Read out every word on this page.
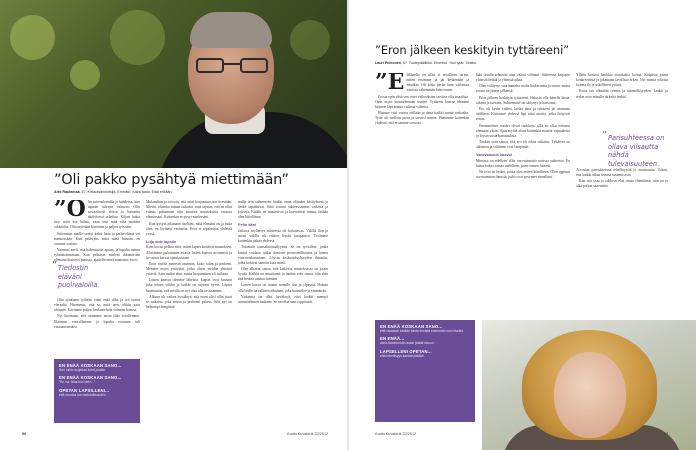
”Oli pakko pysähtyä miettimään”
Arto Rautamaa, 47. Kirkkoisännöitsijä. Emmiluf. Kaksi lasta. Elää erillään.
”O lin sairauslomalla ja kahdessa, kun tapasin tulevan vaimoni. Olin sosiaalisesti eloisa ja harrastin aktiivisesti urheilua. Kiljasi kaksi tiny, mitä itse halusi, vaan tein mitä siitä muiden odotettiin. Olin myöskin kiireinen ja paljon työssäni.

Sittemmin meille syntyi kaksi lasta ja perhe-elämä vei mennessään. Kun pelästyin, mitä minä halusin, en osannut vastata.

Vaimoni aneli, että hakeutuisin apuun, ja lopulta menin ryhmätoimintaan. Kun pelkäsin mieleni ikkunoistaa olemaan ikuisesti jumissa, ajattelin minä muutama vuosi.

” Tiedostin eläväni puolivaloilla.

Olin ajautunut työhöni etten enää ollut ja työ tuntui vieraalta. Huomasin, että se, mitä teen, olikin vain ohitusta. Kävimme paljon keskusteluita vaimoni kanssa.

Nyt huomaan, että osaamme antaa tilaa toisillemme. Eläimme vuorollamme ja lopulta eromme tuli vastaanotetuksi.

EN ENÄÄ KOSKAAN SANO...

Sen mihin kuljettaa kohti jotakin.

EN ENÄÄ KOSKAAN SANO...

”En voi. Aina kun teen...”

OPETAN LAPSILLENI...

että muutos tuo mahdollisuuden.

Mukauduin ja toivoin, että asiat korjaantuisivat itsestään. Mietin, olisinko minun ratkaisu, mitä tajusin, että en ollut valmis puhumaan niin suurista muutoksista omassa elämässäni. Kuitenkin se pysyi mielessäni.

Kun kysyin aikanaan itseltäni, mitä elämäni on ja kuka olen, en löytänyt vastausta. Eroa ei tapahtunut yhdessä yössä.

Luja side lapsiin

Koin kovaa pelkoa siitä, miten lapset kestävät muutoksen. Aloitimme puhumaan asiasta lasten kanssa avoimesti ja he saivat kertoa ajatuksistaan.

Eron myötä menetin asunnon, koko talon ja perheen. Menetin myös ystäviäni, jotka olivat meidän yhteisiä ystäviä. Sain uuden alun, mutta luopuminen oli vaikeaa.

Lasten kanssa olemme läheisiä. Lapset ovat luonani joka toinen viikko ja kaikki on sujunut hyvin. Lapset huomaavat, että meillä on nyt tilaa olla tosissamme.

Alkuun oli vaikea hyväksyä, että eroni olisi ollut juuri se ratkaisu, joka minut ja perheeni pelasti. Silti nyt on helpompi hengittää.

malla tein suhteeseen kaikki omat elämäni käsitykseni ja tiedot tapahtuvat. Siitä seurasi suhteessamme vaikeita ja kriisejä. Kaikki ne muuttuivat ja kasvattivat minua, tänään olen kiitollinen.

Pelin ääni

Jatkuva myllerrys suhteessa oli kuluttavaa. Välillä ilon ja surun välillä oli vaikea löytää tasapainoa. Yritimme kuitenkin jatkaa yhdessä.

Tutustuin transaktioanalyysiin. Se on työväline, jonka kautta voidaan tutkia ihmisen persoonallisuutta ja hänen vuorovaikutustaan. Löysin keskusteluyhteyden ihmisiin, jotka kokivat samoin kuin minä.

Olen alkanut sanoa, että kaikessa muutoksessa on jotain hyvää. Kaikki on muuttunut ja tänään voin sanoa, että elän tätä hetkeä omana itsenäni.

Lasten kasvu on tuonut minulle iloa ja ylpeyttä. Haluan olla heille turvallinen aikuinen, joka kuuntelee ja ymmärtää.

Vaikeinta on ollut hyväksyä, ettei kaikki mennyt suunnitelmien mukaan. Se on ollut suuri oppitunti.

96	Kodin Kuvalehti 22/2012
”Eron jälkeen keskityin tyttäreeni”
Lauri Peinonen, 67. Tuotepäällikkö. Emmiluf. Yksi tytär. Sinkku.
”E läkkeelle en sillut ei tavallinen tarina, miten eroimme ja jäi keskenään ja minäkin. Oli koko perhe kuin vaikeissa asioissa vähemmän kuin ennen.

Erosta opin eksä sen, ettei vaikeuksien tarvitse olla totaalista. Opin myös kuuntelemaan itseäni. Tyttäreni kanssa olemme käyneet läpi monta vaikeaa vaihetta.

Elimme viisi vuotta erillään ja tämä kaikki tuntui raskaalta. Tytär oli tuolloin pieni ja tarvitsi minua. Päätimme kuitenkin yhdessä, että eroamme sovussa.

EN ENÄÄ KOSKAAN SANO...

että rakastan ketään toista ihmistä enemmän kuin itseäni.

EN ENÄÄ...

anna tärkeimmän asian jäädä sivuun.

LAPSELLENI OPETAN...

että rehellisyys kantaa pitkälle.

lään tavalla tehneeni aina väärät valinnat. Suhteessa kaipasin yhteisiä hetkiä ja yhteistä aikaa.

Olen välttynyt suurimmalta osalta katkeruutta ja surua, mutta erosta on jäänyt jälkensä.

Eron jälkeen keskityin tyttäreeni. Halusin olla hänelle läsnä, tukena ja turvana. Suhteemme on säilynyt ja kasvanut.

Ero oli hyvin vaikea, koska jätin ja tyttäreni jäi asumaan äidilleen. Kävimme yhdessä läpi niitä asioita, jotka liittyivät eroon.

Ensimmäiset vuodet olivat rankkoja, sillä en ollut tottunut olemaan yksin. Ajan myötä aloin kuitenkin nauttia vapaudesta ja löysin uusia harrastuksia.

Tänään voin sanoa, että ero oli oikea ratkaisu. Tyttäreni on aikuinen ja välimme ovat lämpimät.

Varovaisuus kasvoi

Minussa on edelleen ollut varovaisuutta uusissa suhteissa. En halua kokea samaa uudelleen, joten etenen hitaasti.

Ne ovat ne hetket, joista olen eniten kiitollinen. Olen oppinut arvostamaan ihmisiä, jotka ovat pysyneet rinnallani.

Yllätin kesken hankkia suurikaksi koiraa. Kaipasin jotain konkreettista ja jakamaan tavallista arkea. Nyt minua odottaa kotona ilo ja uskollinen ystävä.

Koira tuo elämään rytmin ja säännöllisyyden. Lenkit ja retket ovat minulle tärkeitä hetkiä.

” Parisuhteessa on ollava viisautta nähdä tulevaisuuteen.

Arvostan parisuhteessa rehellisyyttä ja avoimuutta. Uskon, että kaikki alkaa itsensä tuntemisesta.

Kun sitä osaa ja rohkeus elää omaa elämäänsä, niin on jo aika paljon saavutettu.

Kodin Kuvalehti 22/2012	97
